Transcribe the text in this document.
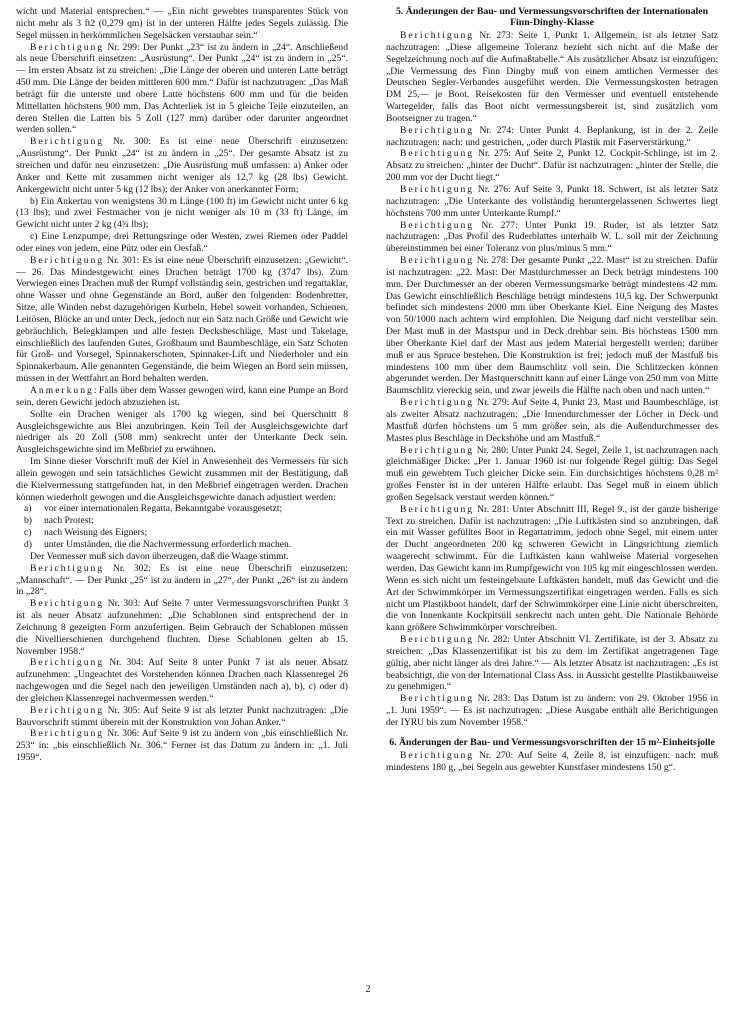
wicht und Material entsprechen.“ — „Ein nicht gewebtes transparentes Stück von nicht mehr als 3 ft2 (0,279 qm) ist in der unteren Hälfte jedes Segels zulässig. Die Segel müssen in herkömmlichen Segelsäcken verstaubar sein.“

Berichtigung Nr. 299: Der Punkt „23“ ist zu ändern in „24“. Anschließend als neue Überschrift einsetzen: „Ausrüstung“. Der Punkt „24“ ist zu ändern in „25“. — Im ersten Absatz ist zu streichen: „Die Länge der oberen und unteren Latte beträgt 450 mm. Die Länge der beiden mittleren 600 mm.“ Dafür ist nachzutragen: „Das Maß beträgt für die unterste und obere Latte höchstens 600 mm und für die beiden Mittellatten höchstens 900 mm. Das Achterliek ist in 5 gleiche Teile einzuteilen, an deren Stellen die Latten bis 5 Zoll (127 mm) darüber oder darunter angeordnet werden sollen.“

Berichtigung Nr. 300: Es ist eine neue Überschrift einzusetzen: „Ausrüstung“. Der Punkt „24“ ist zu ändern in „25“. Der gesamte Absatz ist zu streichen und dafür neu einzusetzen: „Die Ausrüstung muß umfassen: a) Anker oder Anker und Kette mit zusammen nicht weniger als 12,7 kg (28 lbs) Gewicht. Ankergewicht nicht unter 5 kg (12 lbs); der Anker von anerkannter Form;

b) Ein Ankertau von wenigstens 30 m Länge (100 ft) im Gewicht nicht unter 6 kg (13 lbs); und zwei Festmacher von je nicht weniger als 10 m (33 ft) Länge, im Gewicht nicht unter 2 kg (4¾ lbs);

c) Eine Lenzpumpe, drei Rettungsringe oder Westen, zwei Riemen oder Paddel oder eines von jedem, eine Pütz oder ein Oesfaß.“

Berichtigung Nr. 301: Es ist eine neue Überschrift einzusetzen: „Gewicht“. — 26. Das Mindestgewicht eines Drachen beträgt 1700 kg (3747 lbs). Zum Verwiegen eines Drachen muß der Rumpf vollständig sein, gestrichen und regattaklar, ohne Wasser und ohne Gegenstände an Bord, außer den folgenden: Bodenbretter, Sitze, alle Winden nebst dazugehörigen Kurbeln, Hebel soweit vorhanden, Schienen, Leitösen, Blöcke an und unter Deck, jedoch nur ein Satz nach Größe und Gewicht wie gebräuchlich, Belegklampen und alle festen Decksbeschläge, Mast und Takelage, einschließlich des laufenden Gutes, Großbaum und Baumbeschläge, ein Satz Schoten für Groß- und Vorsegel, Spinnakerschoten, Spinnaker-Lift und Niederholer und ein Spinnakerbaum. Alle genannten Gegenstände, die beim Wiegen an Bord sein müssen, müssen in der Wettfahrt an Bord behalten werden.

Anmerkung: Falls über dem Wasser gewogen wird, kann eine Pumpe an Bord sein, deren Gewicht jedoch abzuziehen ist.

Sollte ein Drachen weniger als 1700 kg wiegen, sind bei Querschnitt 8 Ausgleichsgewichte aus Blei anzubringen. Kein Teil der Ausgleichsgewichte darf niedriger als 20 Zoll (508 mm) senkrecht unter der Unterkante Deck sein. Ausgleichsgewichte sind im Meßbrief zu erwähnen.

Im Sinne dieser Vorschrift muß der Kiel in Anwesenheit des Vermessers für sich allein gewogen und sein tatsächliches Gewicht zusammen mit der Bestätigung, daß die Kielvermessung stattgefunden hat, in den Meßbrief eingetragen werden. Drachen können wiederholt gewogen und die Ausgleichsgewichte danach adjustiert werden:

a) vor einer internationalen Regatta, Bekanntgabe vorausgesetzt;
b) nach Protest;
c) nach Weisung des Eigners;
d) unter Umständen, die die Nachvermessung erforderlich machen.

Der Vermesser muß sich davon überzeugen, daß die Waage stimmt.

Berichtigung Nr. 302: Es ist eine neue Überschrift einzusetzen: „Mannschaft“. — Der Punkt „25“ ist zu ändern in „27“, der Punkt „26“ ist zu ändern in „28“.

Berichtigung Nr. 303: Auf Seite 7 unter Vermessungsvorschriften Punkt 3 ist als neuer Absatz aufzunehmen: „Die Schablonen sind entsprechend der in Zeichnung 8 gezeigten Form anzufertigen. Beim Gebrauch der Schablonen müssen die Nivellierschienen durchgehend fluchten. Diese Schablonen gelten ab 15. November 1958.“

Berichtigung Nr. 304: Auf Seite 8 unter Punkt 7 ist als neuer Absatz aufzunehmen: „Ungeachtet des Vorstehenden können Drachen nach Klassenregel 26 nachgewogen und die Segel nach den jeweiligen Umständen nach a), b), c) oder d) der gleichen Klassenregel nachvermessen werden.“

Berichtigung Nr. 305: Auf Seite 9 ist als letzter Punkt nachzutragen: „Die Bauvorschrift stimmt überein mit der Konstruktion von Johan Anker.“

Berichtigung Nr. 306: Auf Seite 9 ist zu ändern von „bis einschließlich Nr. 253“ in: „bis einschließlich Nr. 306.“ Ferner ist das Datum zu ändern in: „1. Juli 1959“.

5. Änderungen der Bau- und Vermessungsvorschriften der Internationalen Finn-Dinghy-Klasse

Berichtigung Nr. 273: Seite 1, Punkt 1. Allgemein, ist als letzter Satz nachzutragen: „Diese allgemeine Toleranz bezieht sich nicht auf die Maße der Segelzeichnung noch auf die Aufmaßtabelle.“ Als zusätzlicher Absatz ist einzufügen: „Die Vermessung des Finn Dinghy muß von einem amtlichen Vermesser des Deutschen Segler-Verbandes ausgeführt werden. Die Vermessungskosten betragen DM 25,— je Boot. Reisekosten für den Vermesser und eventuell entstehende Wartegelder, falls das Boot nicht vermessungsbereit ist, sind zusätzlich vom Bootseigner zu tragen.“

Berichtigung Nr. 274: Unter Punkt 4. Beplankung, ist in der 2. Zeile nachzutragen: nach: und gestrichen, „oder durch Plastik mit Faserverstärkung.“

Berichtigung Nr. 275: Auf Seite 2, Punkt 12. Cockpit-Schlinge, ist im 2. Absatz zu streichen: „hinter der Ducht“. Dafür ist nachzutragen: „hinter der Stelle, die 200 mm vor der Ducht liegt.“

Berichtigung Nr. 276: Auf Seite 3, Punkt 18. Schwert, ist als letzter Satz nachzutragen: „Die Unterkante des vollständig heruntergelassenen Schwertes liegt höchstens 700 mm unter Unterkante Rumpf.“

Berichtigung Nr. 277: Unter Punkt 19. Ruder, ist als letzter Satz nachzutragen: „Das Profil des Ruderblattes unterhalb W. L. soll mit der Zeichnung übereinstimmen bei einer Toleranz von plus/minus 5 mm.“

Berichtigung Nr. 278: Der gesamte Punkt „22. Mast“ ist zu streichen. Dafür ist nachzutragen: „22. Mast: Der Mastdurchmesser an Deck beträgt mindestens 100 mm. Der Durchmesser an der oberen Vermessungsmarke beträgt mindestens 42 mm. Das Gewicht einschließlich Beschläge beträgt mindestens 10,5 kg. Der Schwerpunkt befindet sich mindestens 2000 mm über Oberkante Kiel. Eine Neigung des Mastes von 50/1000 nach achtern wird empfohlen. Die Neigung darf nicht verstellbar sein. Der Mast muß in der Mastspur und in Deck drehbar sein. Bis höchstens 1500 mm über Oberkante Kiel darf der Mast aus jedem Material hergestellt werden; darüber muß er aus Spruce bestehen. Die Konstruktion ist frei; jedoch muß der Mastfuß bis mindestens 100 mm über dem Baumschlitz voll sein. Die Schlitzecken können abgerundet werden. Der Mastquerschnitt kann auf einer Länge von 250 mm von Mitte Baumschlitz viereckig sein, und zwar jeweils die Hälfte nach oben und nach unten.“

Berichtigung Nr. 279: Auf Seite 4, Punkt 23. Mast und Baumbeschläge, ist als zweiter Absatz nachzutragen: „Die Innendurchmesser der Löcher in Deck und Mastfuß dürfen höchstens um 5 mm größer sein, als die Außendurchmesser des Mastes plus Beschläge in Deckshöhe und am Mastfuß.“

Berichtigung Nr. 280: Unter Punkt 24. Segel, Zeile 1, ist nachzutragen nach gleichmäßiger Dicke: „Per 1. Januar 1960 ist nur folgende Regel gültig: Das Segel muß ein gewebtem Tuch gleicher Dicke sein. Ein durchsichtiges höchstens 0,28 m² großes Fenster ist in der unteren Hälfte erlaubt. Das Segel muß in einem üblich großen Segelsack verstaut werden können.“

Berichtigung Nr. 281: Unter Abschnitt III, Regel 9., ist der ganze bisherige Text zu streichen. Dafür ist nachzutragen: „Die Luftkästen sind so anzubringen, daß ein mit Wasser gefülltes Boot in Regattatrimm, jedoch ohne Segel, mit einem unter der Ducht angeordneten 200 kg schweren Gewicht in Längsrichtung ziemlich waagerecht schwimmt. Für die Luftkästen kann wahlweise Material vorgesehen werden. Das Gewicht kann im Rumpfgewicht von 105 kg mit eingeschlossen werden. Wenn es sich nicht um festeingebaute Luftkästen handelt, muß das Gewicht und die Art der Schwimmkörper im Vermessungszertifikat eingetragen werden. Falls es sich nicht um Plastikboot handelt, darf der Schwimmkörper eine Linie nicht überschreiten, die von Innenkante Kockpitsüll senkrecht nach unten geht. Die Nationale Behörde kann größere Schwimmkörper vorschreiben.

Berichtigung Nr. 282: Unter Abschnitt VI. Zertifikate, ist der 3. Absatz zu streichen: „Das Klassenzertifikat ist bis zu dem im Zertifikat angetragenen Tage gültig, aber nicht länger als drei Jahre.“ — Als letzter Absatz ist nachzutragen: „Es ist beabsichtigt, die von der International Class Ass. in Aussicht gestellte Plastikbauweise zu genehmigen.“

Berichtigung Nr. 283: Das Datum ist zu ändern: von 29. Oktober 1956 in „1. Juni 1959“. — Es ist nachzutragen: „Diese Ausgabe enthält alle Berichtigungen der IYRU bis zum November 1958.“

6. Änderungen der Bau- und Vermessungsvorschriften der 15 m²-Einheitsjolle

Berichtigung Nr. 270: Auf Seite 4, Zeile 8, ist einzufügen: nach: muß mindestens 180 g, „bei Segeln aus gewebter Kunstfaser mindestens 150 g“.

2
